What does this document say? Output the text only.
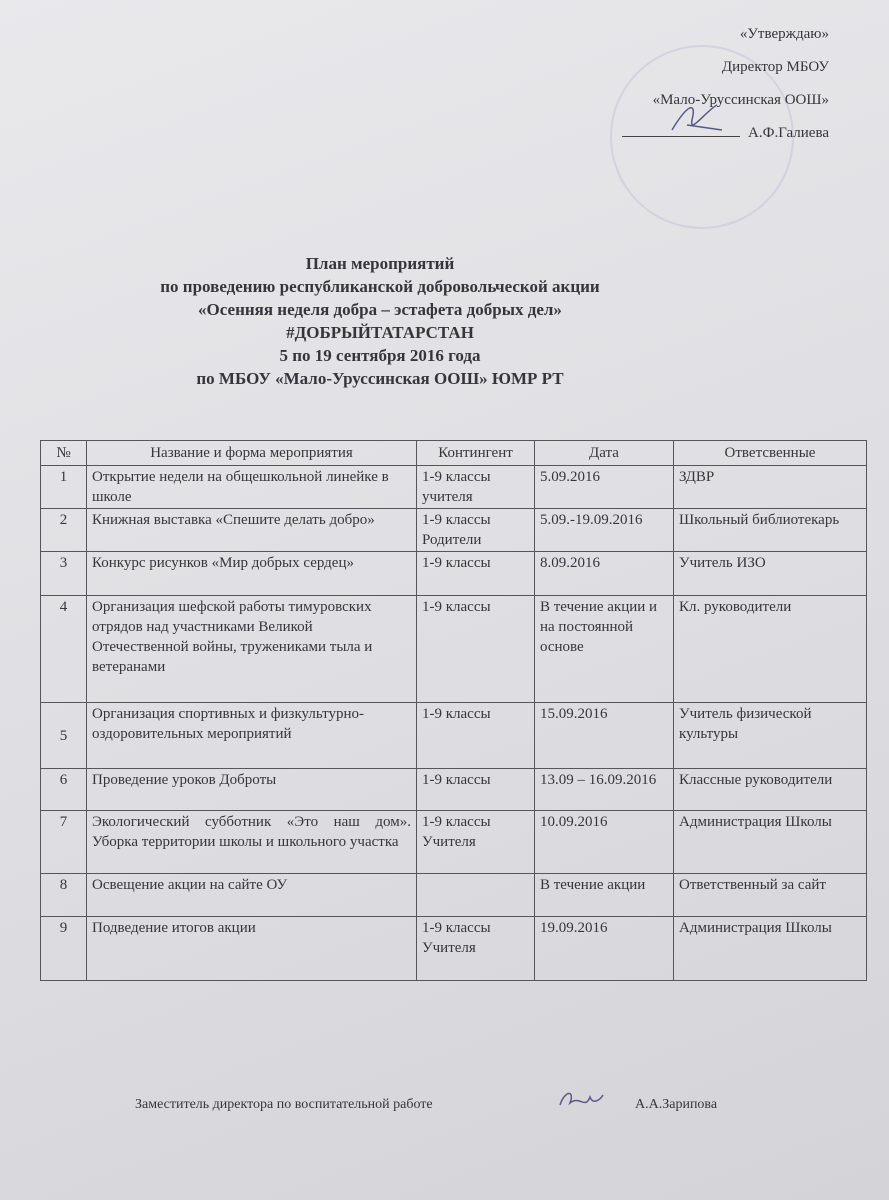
«Утверждаю»
Директор МБОУ
«Мало-Уруссинская ООШ»
А.Ф.Галиева
План мероприятий
по проведению республиканской добровольческой акции
«Осенняя неделя добра – эстафета добрых дел»
#ДОБРЫЙТАТАРСТАН
5 по 19 сентября 2016 года
по МБОУ «Мало-Уруссинская ООШ» ЮМР РТ
№	Название и форма мероприятия	Контингент	Дата	Ответсвенные
1	Открытие недели на общешкольной линейке в школе	1-9 классы учителя	5.09.2016	ЗДВР
2	Книжная выставка «Спешите делать добро»	1-9 классы Родители	5.09.-19.09.2016	Школьный библиотекарь
3	Конкурс рисунков «Мир добрых сердец»	1-9 классы	8.09.2016	Учитель ИЗО
4	Организация шефской работы тимуровских отрядов над участниками Великой Отечественной войны, тружениками тыла и ветеранами	1-9 классы	В течение акции и на постоянной основе	Кл. руководители
5	Организация спортивных и физкультурно-оздоровительных мероприятий	1-9 классы	15.09.2016	Учитель физической культуры
6	Проведение уроков Доброты	1-9 классы	13.09 – 16.09.2016	Классные руководители
7	Экологический субботник «Это наш дом». Уборка территории школы и школьного участка	1-9 классы Учителя	10.09.2016	Администрация Школы
8	Освещение акции на сайте ОУ		В течение акции	Ответственный за сайт
9	Подведение итогов акции	1-9 классы Учителя	19.09.2016	Администрация Школы
Заместитель директора по воспитательной работе	А.А.Зарипова
